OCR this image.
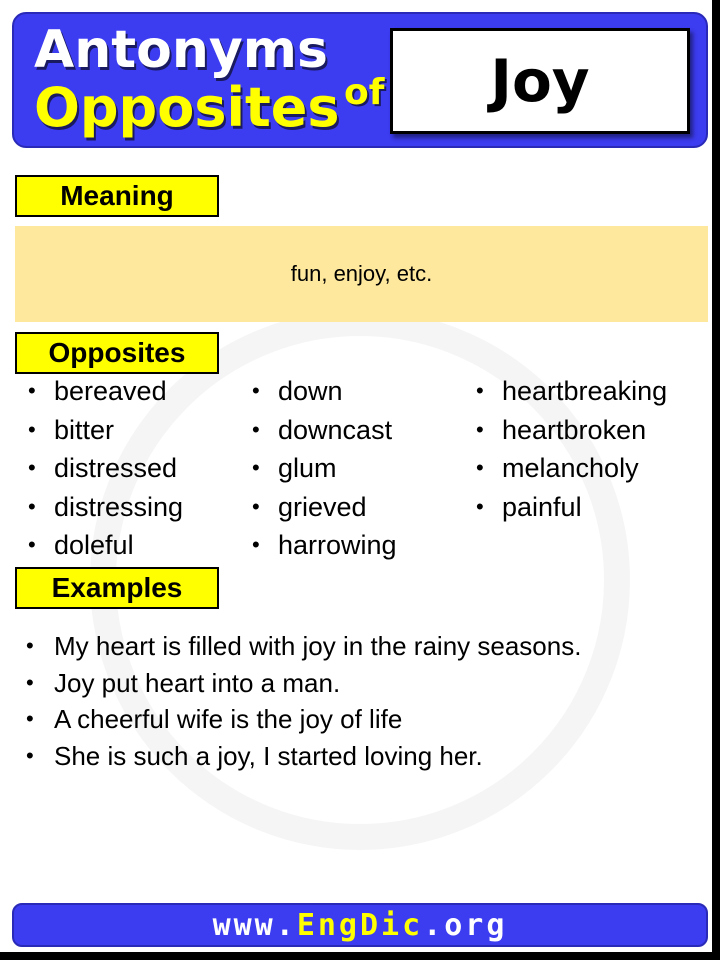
Antonyms
Opposites of Joy
Meaning
fun, enjoy, etc.
Opposites
• bereaved
• bitter
• distressed
• distressing
• doleful
• down
• downcast
• glum
• grieved
• harrowing
• heartbreaking
• heartbroken
• melancholy
• painful
Examples
• My heart is filled with joy in the rainy seasons.
• Joy put heart into a man.
• A cheerful wife is the joy of life
• She is such a joy, I started loving her.
www. EngDic .org
